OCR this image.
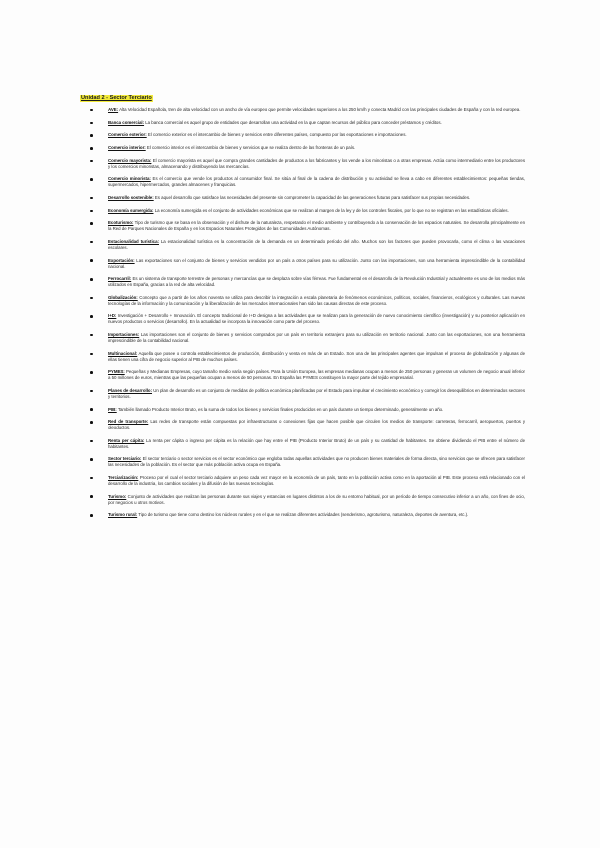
Unidad 2 - Sector Terciario
AVE: Alta Velocidad Española, tren de alta velocidad con un ancho de vía europeo que permite velocidades superiores a los 250 km/h y conecta Madrid con las principales ciudades de España y con la red europea.
Banca comercial: La banca comercial es aquel grupo de entidades que desarrollan una actividad en la que captan recursos del público para conceder préstamos y créditos.
Comercio exterior: El comercio exterior es el intercambio de bienes y servicios entre diferentes países, compuesto por las exportaciones e importaciones.
Comercio interior: El comercio interior es el intercambio de bienes y servicios que se realiza dentro de las fronteras de un país.
Comercio mayorista: El comercio mayorista es aquel que compra grandes cantidades de productos a los fabricantes y los vende a los minoristas o a otras empresas. Actúa como intermediario entre los productores y los comercios minoristas, almacenando y distribuyendo las mercancías.
Comercio minorista: Es el comercio que vende los productos al consumidor final. Se sitúa al final de la cadena de distribución y su actividad se lleva a cabo en diferentes establecimientos: pequeñas tiendas, supermercados, hipermercados, grandes almacenes y franquicias.
Desarrollo sostenible: Es aquel desarrollo que satisface las necesidades del presente sin comprometer la capacidad de las generaciones futuras para satisfacer sus propias necesidades.
Economía sumergida: La economía sumergida es el conjunto de actividades económicas que se realizan al margen de la ley y de los controles fiscales, por lo que no se registran en las estadísticas oficiales.
Ecoturismo: Tipo de turismo que se basa en la observación y el disfrute de la naturaleza, respetando el medio ambiente y contribuyendo a la conservación de los espacios naturales. Se desarrolla principalmente en la Red de Parques Nacionales de España y en los Espacios Naturales Protegidos de las Comunidades Autónomas.
Estacionalidad turística: La estacionalidad turística es la concentración de la demanda en un determinado período del año. Muchos son los factores que pueden provocarla, como el clima o las vacaciones escolares.
Exportación: Las exportaciones son el conjunto de bienes y servicios vendidos por un país a otros países para su utilización. Junto con las importaciones, son una herramienta imprescindible de la contabilidad nacional.
Ferrocarril: Es un sistema de transporte terrestre de personas y mercancías que se desplaza sobre vías férreas. Fue fundamental en el desarrollo de la Revolución Industrial y actualmente es uno de los medios más utilizados en España, gracias a la red de alta velocidad.
Globalización: Concepto que a partir de los años noventa se utiliza para describir la integración a escala planetaria de fenómenos económicos, políticos, sociales, financieros, ecológicos y culturales. Las nuevas tecnologías de la información y la comunicación y la liberalización de los mercados internacionales han sido las causas directas de este proceso.
I+D: Investigación + Desarrollo + Innovación. El concepto tradicional de I+D designa a las actividades que se realizan para la generación de nuevo conocimiento científico (investigación) y su posterior aplicación en nuevos productos o servicios (desarrollo). En la actualidad se incorpora la innovación como parte del proceso.
Importaciones: Las importaciones son el conjunto de bienes y servicios comprados por un país en territorio extranjero para su utilización en territorio nacional. Junto con las exportaciones, son una herramienta imprescindible de la contabilidad nacional.
Multinacional: Aquella que posee o controla establecimientos de producción, distribución y venta en más de un Estado. Son una de las principales agentes que impulsan el proceso de globalización y algunas de ellas tienen una cifra de negocio superior al PIB de muchos países.
PYMES: Pequeñas y Medianas Empresas, cuyo tamaño medio varía según países. Para la Unión Europea, las empresas medianas ocupan a menos de 250 personas y generan un volumen de negocio anual inferior a 50 millones de euros, mientras que las pequeñas ocupan a menos de 50 personas. En España las PYMES constituyen la mayor parte del tejido empresarial.
Planes de desarrollo: Un plan de desarrollo es un conjunto de medidas de política económica planificadas por el Estado para impulsar el crecimiento económico y corregir los desequilibrios en determinados sectores y territorios.
PIB: También llamado Producto Interior Bruto, es la suma de todos los bienes y servicios finales producidos en un país durante un tiempo determinado, generalmente un año.
Red de transporte: Las redes de transporte están compuestas por infraestructuras o conexiones fijas que hacen posible que circulen los medios de transporte: carreteras, ferrocarril, aeropuertos, puertos y oleoductos.
Renta per cápita: La renta per cápita o ingreso per cápita es la relación que hay entre el PIB (Producto Interior Bruto) de un país y su cantidad de habitantes. Se obtiene dividiendo el PIB entre el número de habitantes.
Sector terciario: El sector terciario o sector servicios es el sector económico que engloba todas aquellas actividades que no producen bienes materiales de forma directa, sino servicios que se ofrecen para satisfacer las necesidades de la población. Es el sector que más población activa ocupa en España.
Terciarización: Proceso por el cual el sector terciario adquiere un peso cada vez mayor en la economía de un país, tanto en la población activa como en la aportación al PIB. Este proceso está relacionado con el desarrollo de la industria, los cambios sociales y la difusión de las nuevas tecnologías.
Turismo: Conjunto de actividades que realizan las personas durante sus viajes y estancias en lugares distintos a los de su entorno habitual, por un período de tiempo consecutivo inferior a un año, con fines de ocio, por negocios u otros motivos.
Turismo rural: Tipo de turismo que tiene como destino los núcleos rurales y en el que se realizan diferentes actividades (senderismo, agroturismo, naturaleza, deportes de aventura, etc.).
